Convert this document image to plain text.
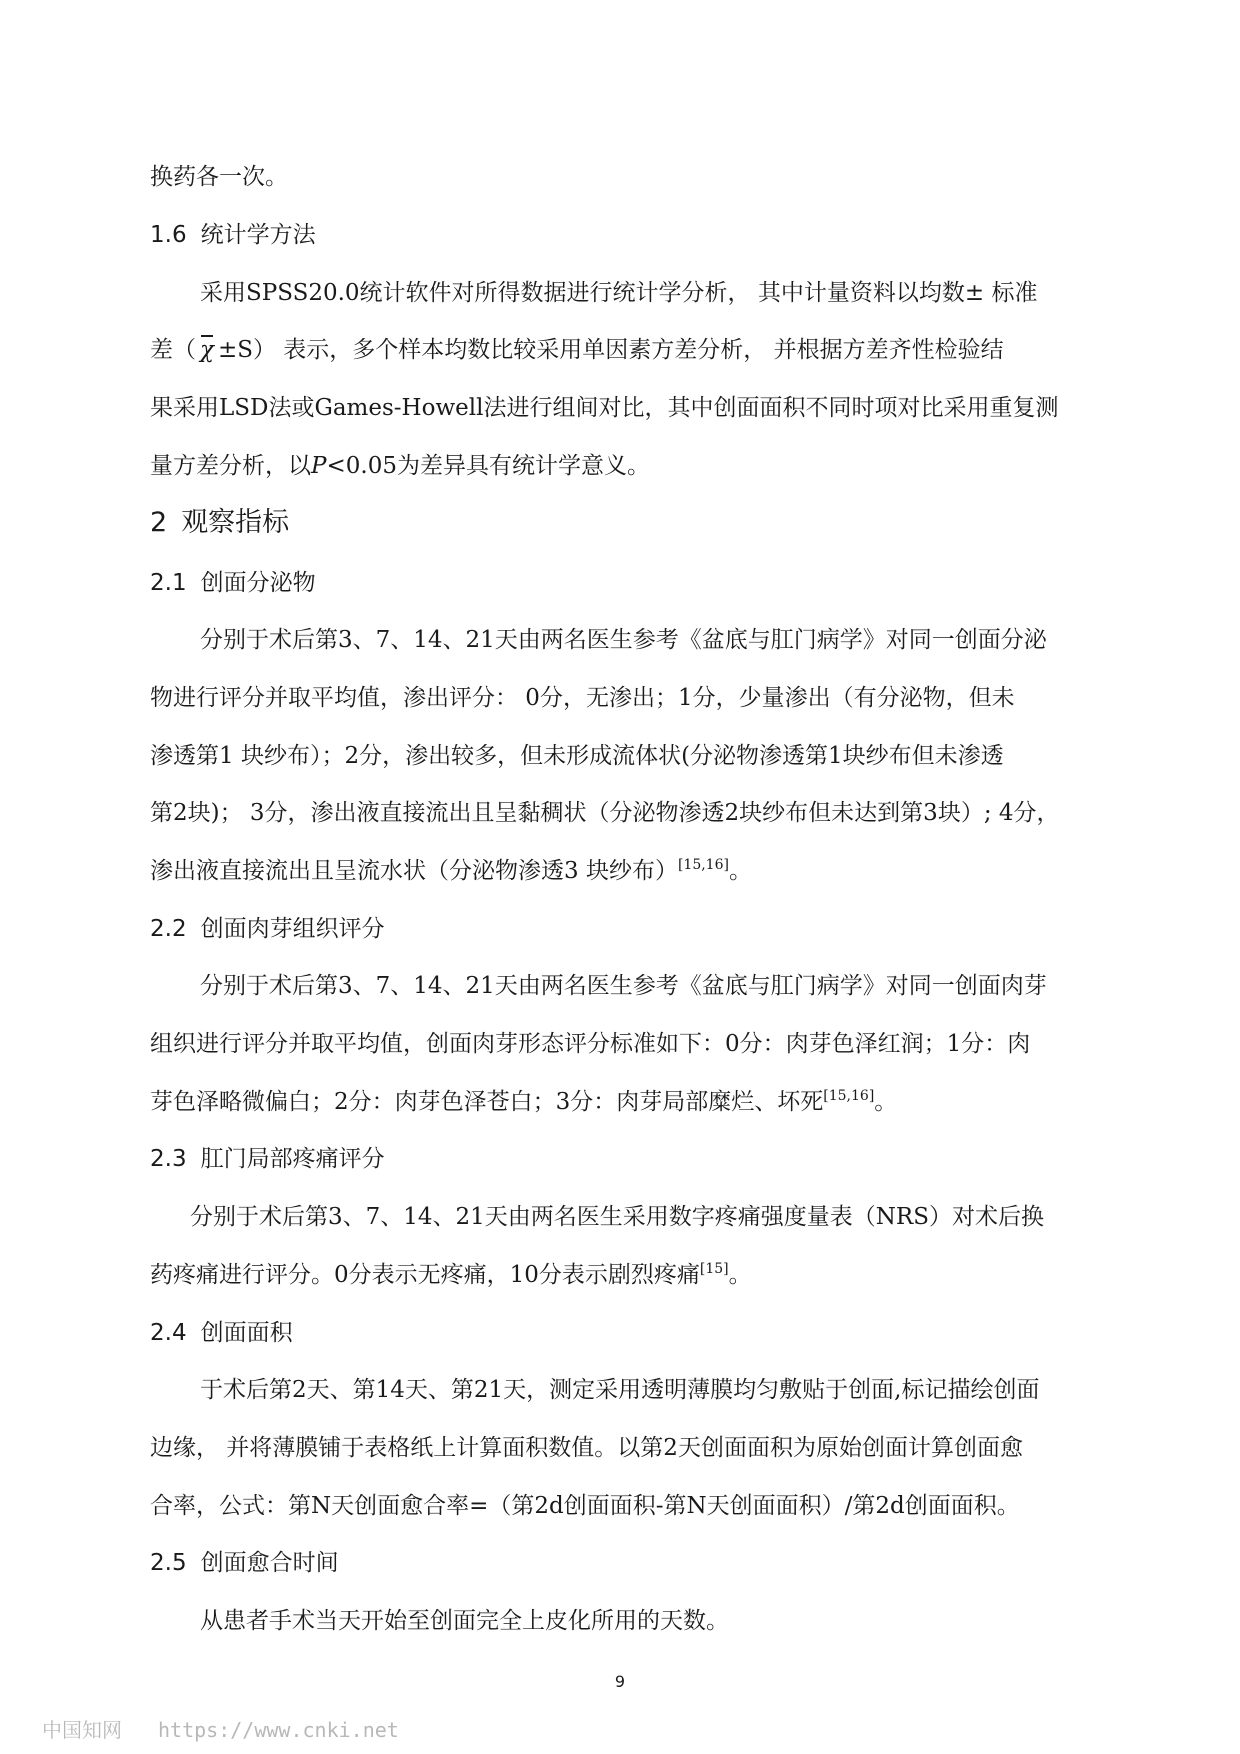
换药各一次。
1.6 统计学方法
采用SPSS20.0统计软件对所得数据进行统计学分析， 其中计量资料以均数± 标准
差（ χ ±S） 表示，多个样本均数比较采用单因素方差分析， 并根据方差齐性检验结
果采用LSD法或Games-Howell法进行组间对比，其中创面面积不同时项对比采用重复测
量方差分析，以P<0.05为差异具有统计学意义。
2 观察指标
2.1 创面分泌物
分别于术后第3、7、14、21天由两名医生参考《盆底与肛门病学》对同一创面分泌
物进行评分并取平均值，渗出评分： 0分，无渗出；1分，少量渗出（有分泌物，但未
渗透第1 块纱布）；2分，渗出较多，但未形成流体状(分泌物渗透第1块纱布但未渗透
第2块)； 3分，渗出液直接流出且呈黏稠状（分泌物渗透2块纱布但未达到第3块）; 4分，
渗出液直接流出且呈流水状（分泌物渗透3 块纱布）[15,16]。
2.2 创面肉芽组织评分
分别于术后第3、7、14、21天由两名医生参考《盆底与肛门病学》对同一创面肉芽
组织进行评分并取平均值，创面肉芽形态评分标准如下：0分：肉芽色泽红润；1分：肉
芽色泽略微偏白；2分：肉芽色泽苍白；3分：肉芽局部糜烂、坏死[15,16]。
2.3 肛门局部疼痛评分
分别于术后第3、7、14、21天由两名医生采用数字疼痛强度量表（NRS）对术后换
药疼痛进行评分。0分表示无疼痛，10分表示剧烈疼痛[15]。
2.4 创面面积
于术后第2天、第14天、第21天，测定采用透明薄膜均匀敷贴于创面,标记描绘创面
边缘， 并将薄膜铺于表格纸上计算面积数值。以第2天创面面积为原始创面计算创面愈
合率，公式：第N天创面愈合率=（第2d创面面积-第N天创面面积）/第2d创面面积。
2.5 创面愈合时间
从患者手术当天开始至创面完全上皮化所用的天数。
9
中国知网 https://www.cnki.net
